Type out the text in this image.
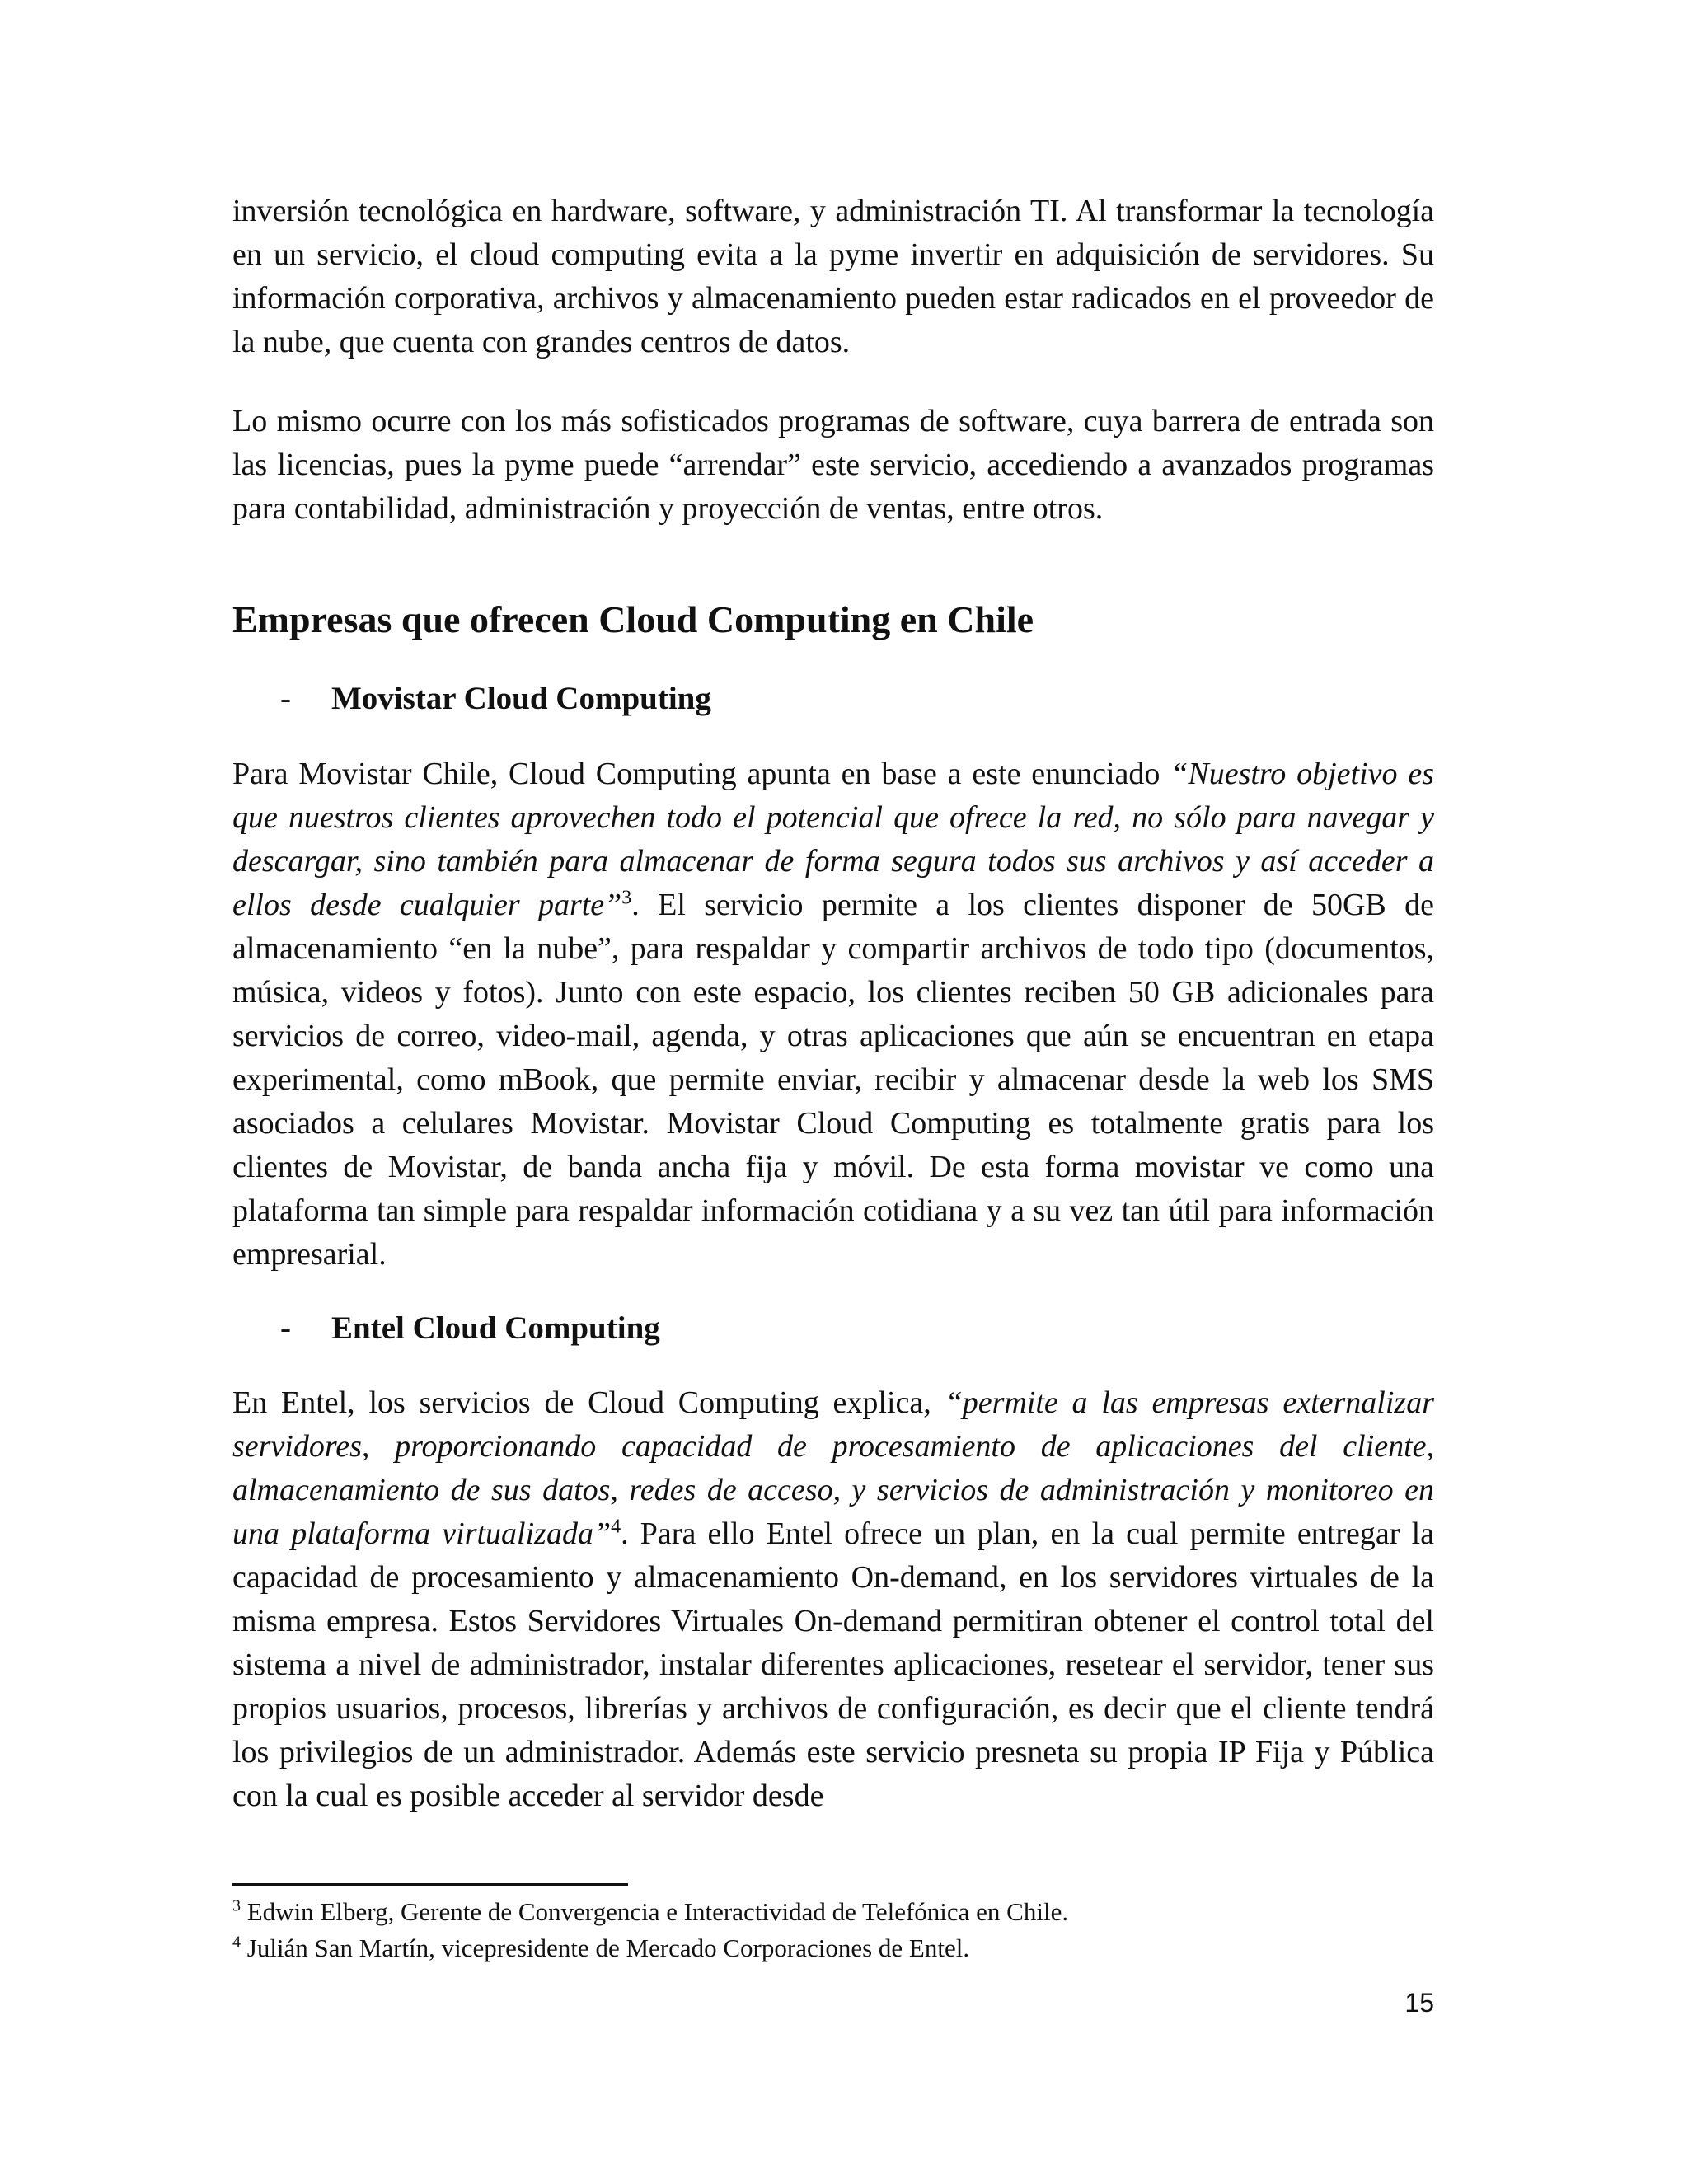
inversión tecnológica en hardware, software, y administración TI. Al transformar la tecnología en un servicio, el cloud computing evita a la pyme invertir en adquisición de servidores. Su información corporativa, archivos y almacenamiento pueden estar radicados en el proveedor de la nube, que cuenta con grandes centros de datos.

Lo mismo ocurre con los más sofisticados programas de software, cuya barrera de entrada son las licencias, pues la pyme puede “arrendar” este servicio, accediendo a avanzados programas para contabilidad, administración y proyección de ventas, entre otros.

Empresas que ofrecen Cloud Computing en Chile
- Movistar Cloud Computing

Para Movistar Chile, Cloud Computing apunta en base a este enunciado “Nuestro objetivo es que nuestros clientes aprovechen todo el potencial que ofrece la red, no sólo para navegar y descargar, sino también para almacenar de forma segura todos sus archivos y así acceder a ellos desde cualquier parte”$^3$. El servicio permite a los clientes disponer de 50GB de almacenamiento “en la nube”, para respaldar y compartir archivos de todo tipo (documentos, música, videos y fotos). Junto con este espacio, los clientes reciben 50 GB adicionales para servicios de correo, video-mail, agenda, y otras aplicaciones que aún se encuentran en etapa experimental, como mBook, que permite enviar, recibir y almacenar desde la web los SMS asociados a celulares Movistar. Movistar Cloud Computing es totalmente gratis para los clientes de Movistar, de banda ancha fija y móvil. De esta forma movistar ve como una plataforma tan simple para respaldar información cotidiana y a su vez tan útil para información empresarial.

- Entel Cloud Computing

En Entel, los servicios de Cloud Computing explica, “permite a las empresas externalizar servidores, proporcionando capacidad de procesamiento de aplicaciones del cliente, almacenamiento de sus datos, redes de acceso, y servicios de administración y monitoreo en una plataforma virtualizada”$^4$. Para ello Entel ofrece un plan, en la cual permite entregar la capacidad de procesamiento y almacenamiento On-demand, en los servidores virtuales de la misma empresa. Estos Servidores Virtuales On-demand permitiran obtener el control total del sistema a nivel de administrador, instalar diferentes aplicaciones, resetear el servidor, tener sus propios usuarios, procesos, librerías y archivos de configuración, es decir que el cliente tendrá los privilegios de un administrador. Además este servicio presneta su propia IP Fija y Pública con la cual es posible acceder al servidor desde

$^3$ Edwin Elberg, Gerente de Convergencia e Interactividad de Telefónica en Chile.

$^4$ Julián San Martín, vicepresidente de Mercado Corporaciones de Entel.

15
